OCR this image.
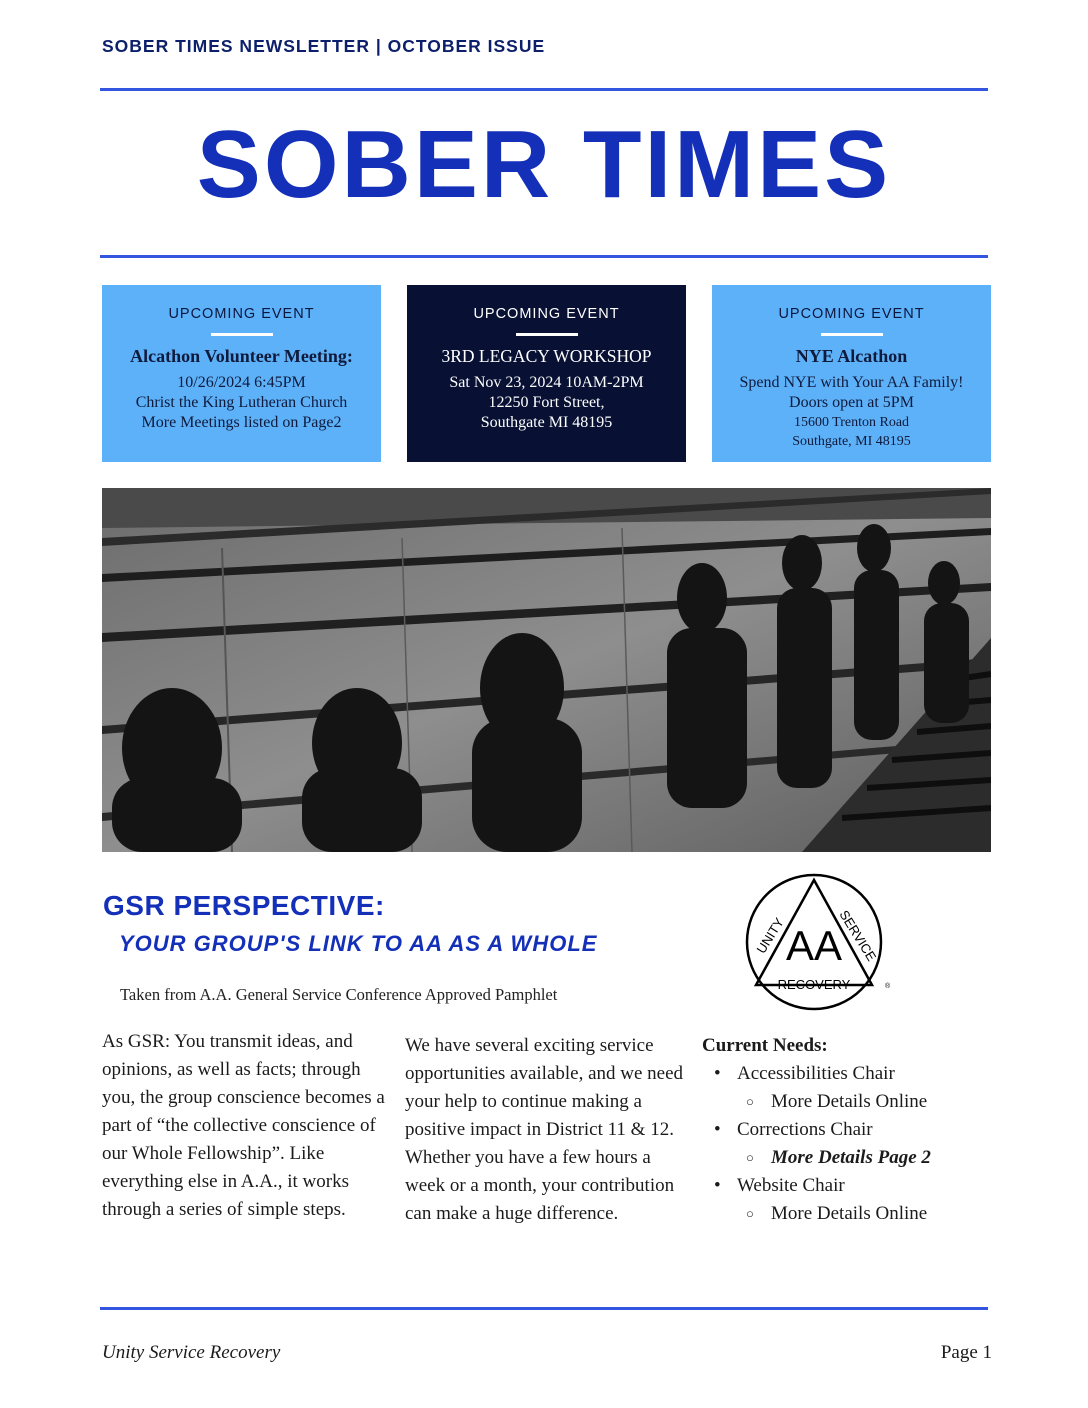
SOBER TIMES NEWSLETTER | OCTOBER ISSUE
SOBER TIMES
UPCOMING EVENT
Alcathon Volunteer Meeting:
10/26/2024 6:45PM
Christ the King Lutheran Church
More Meetings listed on Page2
UPCOMING EVENT
3RD LEGACY WORKSHOP
Sat Nov 23, 2024 10AM-2PM
12250 Fort Street,
Southgate MI 48195
UPCOMING EVENT
NYE Alcathon
Spend NYE with Your AA Family!
Doors open at 5PM
15600 Trenton Road
Southgate, MI 48195
GSR PERSPECTIVE:
YOUR GROUP'S LINK TO AA AS A WHOLE
Taken from A.A. General Service Conference Approved Pamphlet
AA
UNITY	SERVICE
RECOVERY	®
As GSR: You transmit ideas, and opinions, as well as facts; through you, the group conscience becomes a part of “the collective conscience of our Whole Fellowship”. Like everything else in A.A., it works through a series of simple steps.
We have several exciting service opportunities available, and we need your help to continue making a positive impact in District 11 & 12. Whether you have a few hours a week or a month, your contribution can make a huge difference.
Current Needs:
• Accessibilities Chair
○ More Details Online
• Corrections Chair
○ More Details Page 2
• Website Chair
○ More Details Online
Unity Service Recovery	Page 1
